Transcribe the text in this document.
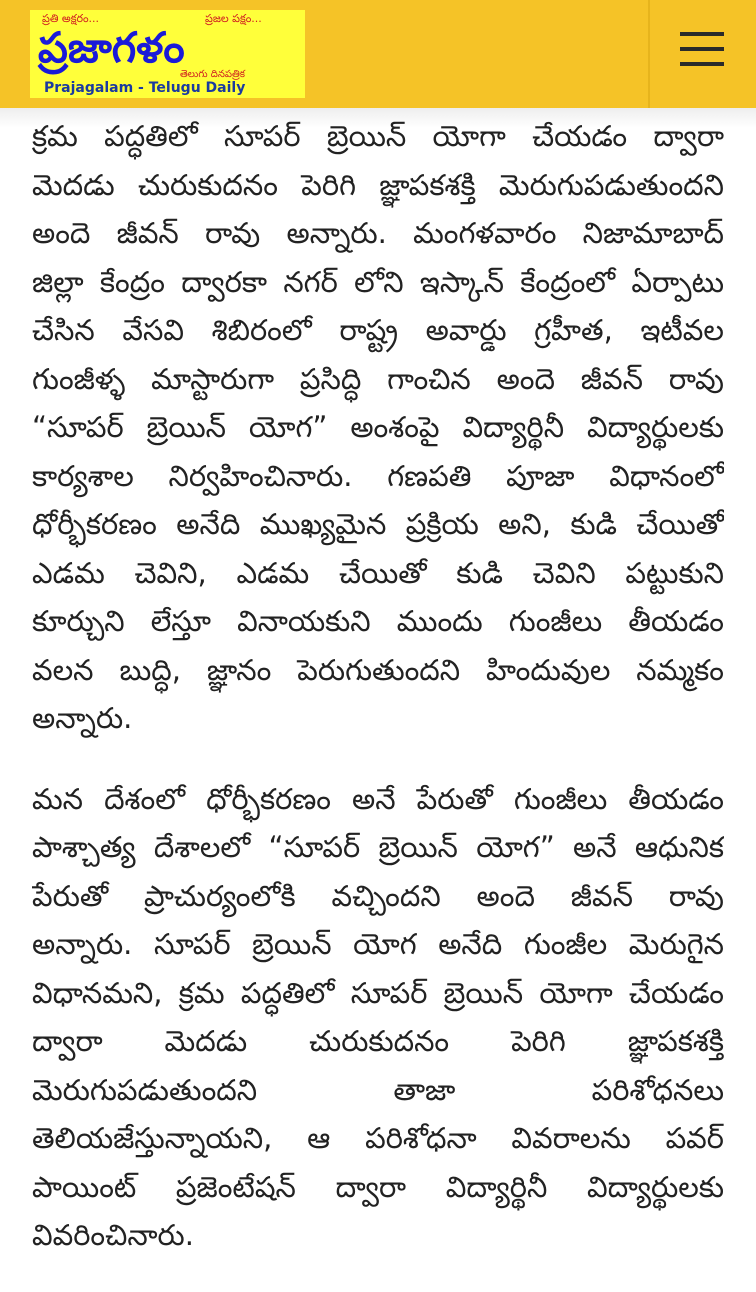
ప్రతి అక్షరం...	ప్రజల పక్షం...
ప్రజాగళం
తెలుగు దినపత్రిక
Prajagalam - Telugu Daily
క్రమ పద్ధతిలో సూపర్ బ్రెయిన్ యోగా చేయడం ద్వారా
మెదడు చురుకుదనం పెరిగి జ్ఞాపకశక్తి మెరుగుపడుతుందని
అందె జీవన్ రావు అన్నారు. మంగళవారం నిజామాబాద్
జిల్లా కేంద్రం ద్వారకా నగర్ లోని ఇస్కాన్ కేంద్రంలో ఏర్పాటు
చేసిన వేసవి శిబిరంలో రాష్ట్ర అవార్డు గ్రహీత, ఇటీవల
గుంజీళ్ళ మాస్టారుగా ప్రసిద్ధి గాంచిన అందె జీవన్ రావు
“సూపర్ బ్రెయిన్ యోగ” అంశంపై విద్యార్థినీ విద్యార్థులకు
కార్యశాల నిర్వహించినారు. గణపతి పూజా విధానంలో
ధోర్భీకరణం అనేది ముఖ్యమైన ప్రక్రియ అని, కుడి చేయితో
ఎడమ చెవిని, ఎడమ చేయితో కుడి చెవిని పట్టుకుని
కూర్చుని లేస్తూ వినాయకుని ముందు గుంజీలు తీయడం
వలన బుద్ధి, జ్ఞానం పెరుగుతుందని హిందువుల నమ్మకం
అన్నారు.
మన దేశంలో ధోర్భీకరణం అనే పేరుతో గుంజీలు తీయడం
పాశ్చాత్య దేశాలలో “సూపర్ బ్రెయిన్ యోగ” అనే ఆధునిక
పేరుతో ప్రాచుర్యంలోకి వచ్చిందని అందె జీవన్ రావు
అన్నారు. సూపర్ బ్రెయిన్ యోగ అనేది గుంజీల మెరుగైన
విధానమని, క్రమ పద్ధతిలో సూపర్ బ్రెయిన్ యోగా చేయడం
ద్వారా మెదడు చురుకుదనం పెరిగి జ్ఞాపకశక్తి
మెరుగుపడుతుందని తాజా పరిశోధనలు
తెలియజేస్తున్నాయని, ఆ పరిశోధనా వివరాలను పవర్
పాయింట్ ప్రజెంటేషన్ ద్వారా విద్యార్థినీ విద్యార్థులకు
వివరించినారు.
